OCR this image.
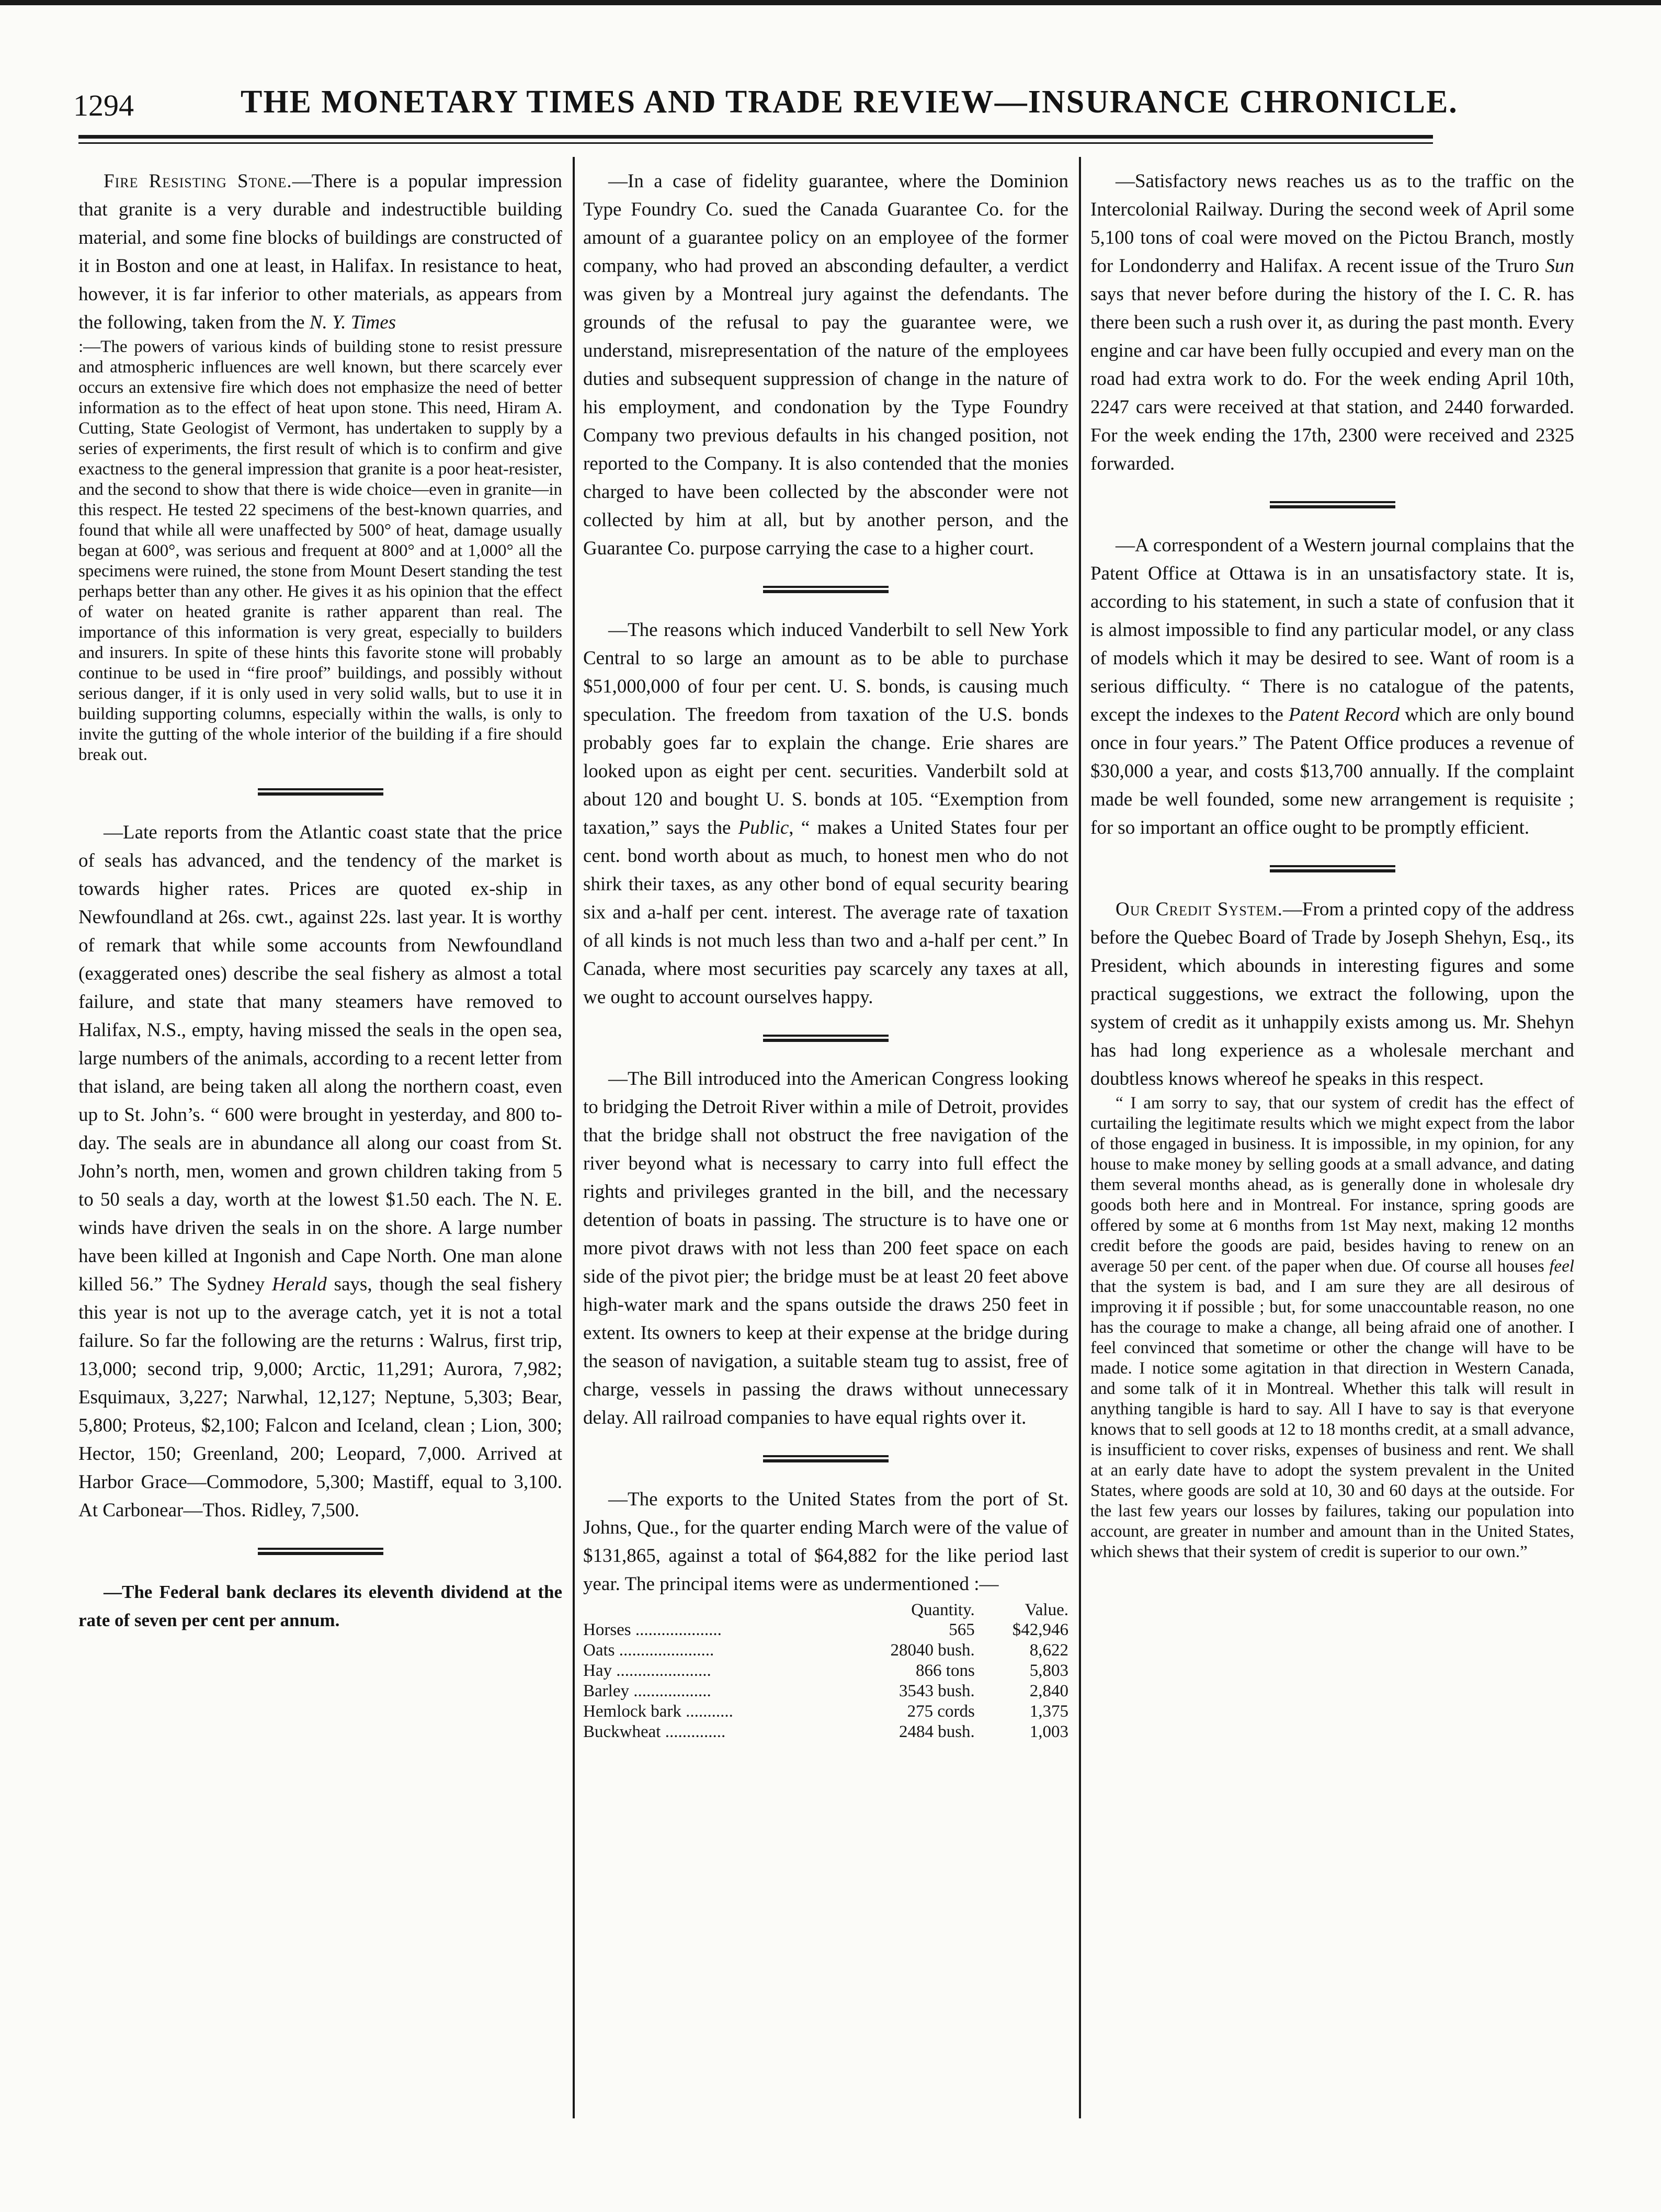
1294	THE MONETARY TIMES AND TRADE REVIEW—INSURANCE CHRONICLE.

Fire Resisting Stone.—There is a popular impression that granite is a very durable and indestructible building material, and some fine blocks of buildings are constructed of it in Boston and one at least, in Halifax. In resistance to heat, however, it is far inferior to other materials, as appears from the following, taken from the N. Y. Times

:—The powers of various kinds of building stone to resist pressure and atmospheric influences are well known, but there scarcely ever occurs an extensive fire which does not emphasize the need of better information as to the effect of heat upon stone. This need, Hiram A. Cutting, State Geologist of Vermont, has undertaken to supply by a series of experiments, the first result of which is to confirm and give exactness to the general impression that granite is a poor heat-resister, and the second to show that there is wide choice—even in granite—in this respect. He tested 22 specimens of the best-known quarries, and found that while all were unaffected by 500° of heat, damage usually began at 600°, was serious and frequent at 800° and at 1,000° all the specimens were ruined, the stone from Mount Desert standing the test perhaps better than any other. He gives it as his opinion that the effect of water on heated granite is rather apparent than real. The importance of this information is very great, especially to builders and insurers. In spite of these hints this favorite stone will probably continue to be used in “fire proof” buildings, and possibly without serious danger, if it is only used in very solid walls, but to use it in building supporting columns, especially within the walls, is only to invite the gutting of the whole interior of the building if a fire should break out.

—Late reports from the Atlantic coast state that the price of seals has advanced, and the tendency of the market is towards higher rates. Prices are quoted ex-ship in Newfoundland at 26s. cwt., against 22s. last year. It is worthy of remark that while some accounts from Newfoundland (exaggerated ones) describe the seal fishery as almost a total failure, and state that many steamers have removed to Halifax, N.S., empty, having missed the seals in the open sea, large numbers of the animals, according to a recent letter from that island, are being taken all along the northern coast, even up to St. John’s. “ 600 were brought in yesterday, and 800 to-day. The seals are in abundance all along our coast from St. John’s north, men, women and grown children taking from 5 to 50 seals a day, worth at the lowest $1.50 each. The N. E. winds have driven the seals in on the shore. A large number have been killed at Ingonish and Cape North. One man alone killed 56.” The Sydney Herald says, though the seal fishery this year is not up to the average catch, yet it is not a total failure. So far the following are the returns : Walrus, first trip, 13,000; second trip, 9,000; Arctic, 11,291; Aurora, 7,982; Esquimaux, 3,227; Narwhal, 12,127; Neptune, 5,303; Bear, 5,800; Proteus, $2,100; Falcon and Iceland, clean ; Lion, 300; Hector, 150; Greenland, 200; Leopard, 7,000. Arrived at Harbor Grace—Commodore, 5,300; Mastiff, equal to 3,100. At Carbonear—Thos. Ridley, 7,500.

—The Federal bank declares its eleventh dividend at the rate of seven per cent per annum.

—In a case of fidelity guarantee, where the Dominion Type Foundry Co. sued the Canada Guarantee Co. for the amount of a guarantee policy on an employee of the former company, who had proved an absconding defaulter, a verdict was given by a Montreal jury against the defendants. The grounds of the refusal to pay the guarantee were, we understand, misrepresentation of the nature of the employees duties and subsequent suppression of change in the nature of his employment, and condonation by the Type Foundry Company two previous defaults in his changed position, not reported to the Company. It is also contended that the monies charged to have been collected by the absconder were not collected by him at all, but by another person, and the Guarantee Co. purpose carrying the case to a higher court.

—The reasons which induced Vanderbilt to sell New York Central to so large an amount as to be able to purchase $51,000,000 of four per cent. U. S. bonds, is causing much speculation. The freedom from taxation of the U.S. bonds probably goes far to explain the change. Erie shares are looked upon as eight per cent. securities. Vanderbilt sold at about 120 and bought U. S. bonds at 105. “Exemption from taxation,” says the Public, “ makes a United States four per cent. bond worth about as much, to honest men who do not shirk their taxes, as any other bond of equal security bearing six and a-half per cent. interest. The average rate of taxation of all kinds is not much less than two and a-half per cent.” In Canada, where most securities pay scarcely any taxes at all, we ought to account ourselves happy.

—The Bill introduced into the American Congress looking to bridging the Detroit River within a mile of Detroit, provides that the bridge shall not obstruct the free navigation of the river beyond what is necessary to carry into full effect the rights and privileges granted in the bill, and the necessary detention of boats in passing. The structure is to have one or more pivot draws with not less than 200 feet space on each side of the pivot pier; the bridge must be at least 20 feet above high-water mark and the spans outside the draws 250 feet in extent. Its owners to keep at their expense at the bridge during the season of navigation, a suitable steam tug to assist, free of charge, vessels in passing the draws without unnecessary delay. All railroad companies to have equal rights over it.

—The exports to the United States from the port of St. Johns, Que., for the quarter ending March were of the value of $131,865, against a total of $64,882 for the like period last year. The principal items were as undermentioned :—

	Quantity.	Value.
Horses ....................	565	$42,946
Oats ......................	28040 bush.	8,622
Hay ......................	866 tons	5,803
Barley ..................	3543 bush.	2,840
Hemlock bark ...........	275 cords	1,375
Buckwheat ..............	2484 bush.	1,003

—Satisfactory news reaches us as to the traffic on the Intercolonial Railway. During the second week of April some 5,100 tons of coal were moved on the Pictou Branch, mostly for Londonderry and Halifax. A recent issue of the Truro Sun says that never before during the history of the I. C. R. has there been such a rush over it, as during the past month. Every engine and car have been fully occupied and every man on the road had extra work to do. For the week ending April 10th, 2247 cars were received at that station, and 2440 forwarded. For the week ending the 17th, 2300 were received and 2325 forwarded.

—A correspondent of a Western journal complains that the Patent Office at Ottawa is in an unsatisfactory state. It is, according to his statement, in such a state of confusion that it is almost impossible to find any particular model, or any class of models which it may be desired to see. Want of room is a serious difficulty. “ There is no catalogue of the patents, except the indexes to the Patent Record which are only bound once in four years.” The Patent Office produces a revenue of $30,000 a year, and costs $13,700 annually. If the complaint made be well founded, some new arrangement is requisite ; for so important an office ought to be promptly efficient.

Our Credit System.—From a printed copy of the address before the Quebec Board of Trade by Joseph Shehyn, Esq., its President, which abounds in interesting figures and some practical suggestions, we extract the following, upon the system of credit as it unhappily exists among us. Mr. Shehyn has had long experience as a wholesale merchant and doubtless knows whereof he speaks in this respect.

“ I am sorry to say, that our system of credit has the effect of curtailing the legitimate results which we might expect from the labor of those engaged in business. It is impossible, in my opinion, for any house to make money by selling goods at a small advance, and dating them several months ahead, as is generally done in wholesale dry goods both here and in Montreal. For instance, spring goods are offered by some at 6 months from 1st May next, making 12 months credit before the goods are paid, besides having to renew on an average 50 per cent. of the paper when due. Of course all houses feel that the system is bad, and I am sure they are all desirous of improving it if possible ; but, for some unaccountable reason, no one has the courage to make a change, all being afraid one of another. I feel convinced that sometime or other the change will have to be made. I notice some agitation in that direction in Western Canada, and some talk of it in Montreal. Whether this talk will result in anything tangible is hard to say. All I have to say is that everyone knows that to sell goods at 12 to 18 months credit, at a small advance, is insufficient to cover risks, expenses of business and rent. We shall at an early date have to adopt the system prevalent in the United States, where goods are sold at 10, 30 and 60 days at the outside. For the last few years our losses by failures, taking our population into account, are greater in number and amount than in the United States, which shews that their system of credit is superior to our own.”
